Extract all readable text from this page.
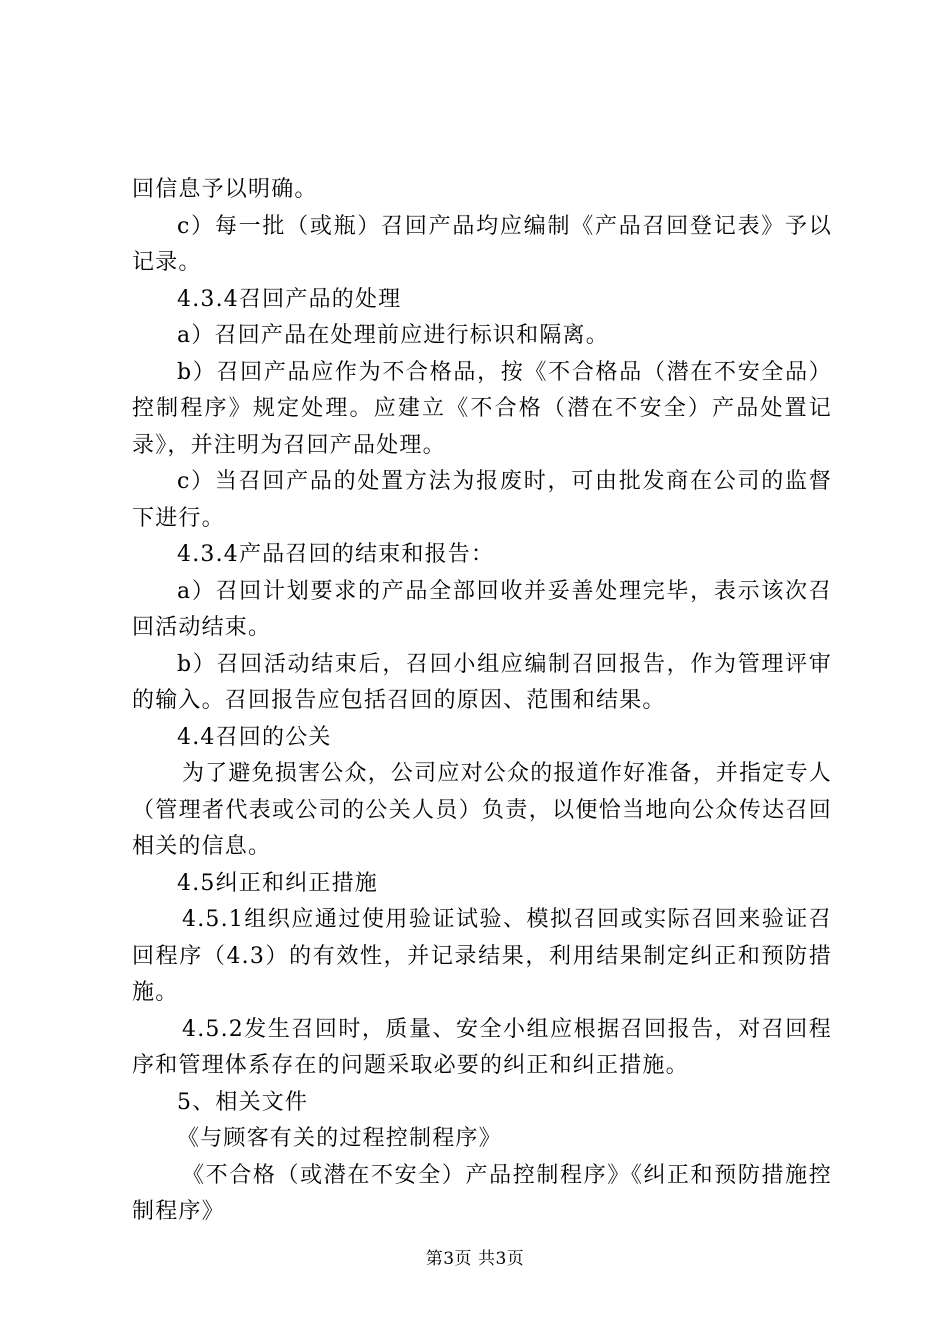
回信息予以明确。

c）每一批（或瓶）召回产品均应编制《产品召回登记表》予以记录。

4.3.4召回产品的处理

a）召回产品在处理前应进行标识和隔离。

b）召回产品应作为不合格品，按《不合格品（潜在不安全品）控制程序》规定处理。应建立《不合格（潜在不安全）产品处置记录》，并注明为召回产品处理。

c）当召回产品的处置方法为报废时，可由批发商在公司的监督下进行。

4.3.4产品召回的结束和报告：

a）召回计划要求的产品全部回收并妥善处理完毕，表示该次召回活动结束。

b）召回活动结束后，召回小组应编制召回报告，作为管理评审的输入。召回报告应包括召回的原因、范围和结果。

4.4召回的公关

为了避免损害公众，公司应对公众的报道作好准备，并指定专人（管理者代表或公司的公关人员）负责，以便恰当地向公众传达召回相关的信息。

4.5纠正和纠正措施

4.5.1组织应通过使用验证试验、模拟召回或实际召回来验证召回程序（4.3）的有效性，并记录结果，利用结果制定纠正和预防措施。

4.5.2发生召回时，质量、安全小组应根据召回报告，对召回程序和管理体系存在的问题采取必要的纠正和纠正措施。

5、相关文件

《与顾客有关的过程控制程序》

《不合格（或潜在不安全）产品控制程序》《纠正和预防措施控制程序》

第3页 共3页
